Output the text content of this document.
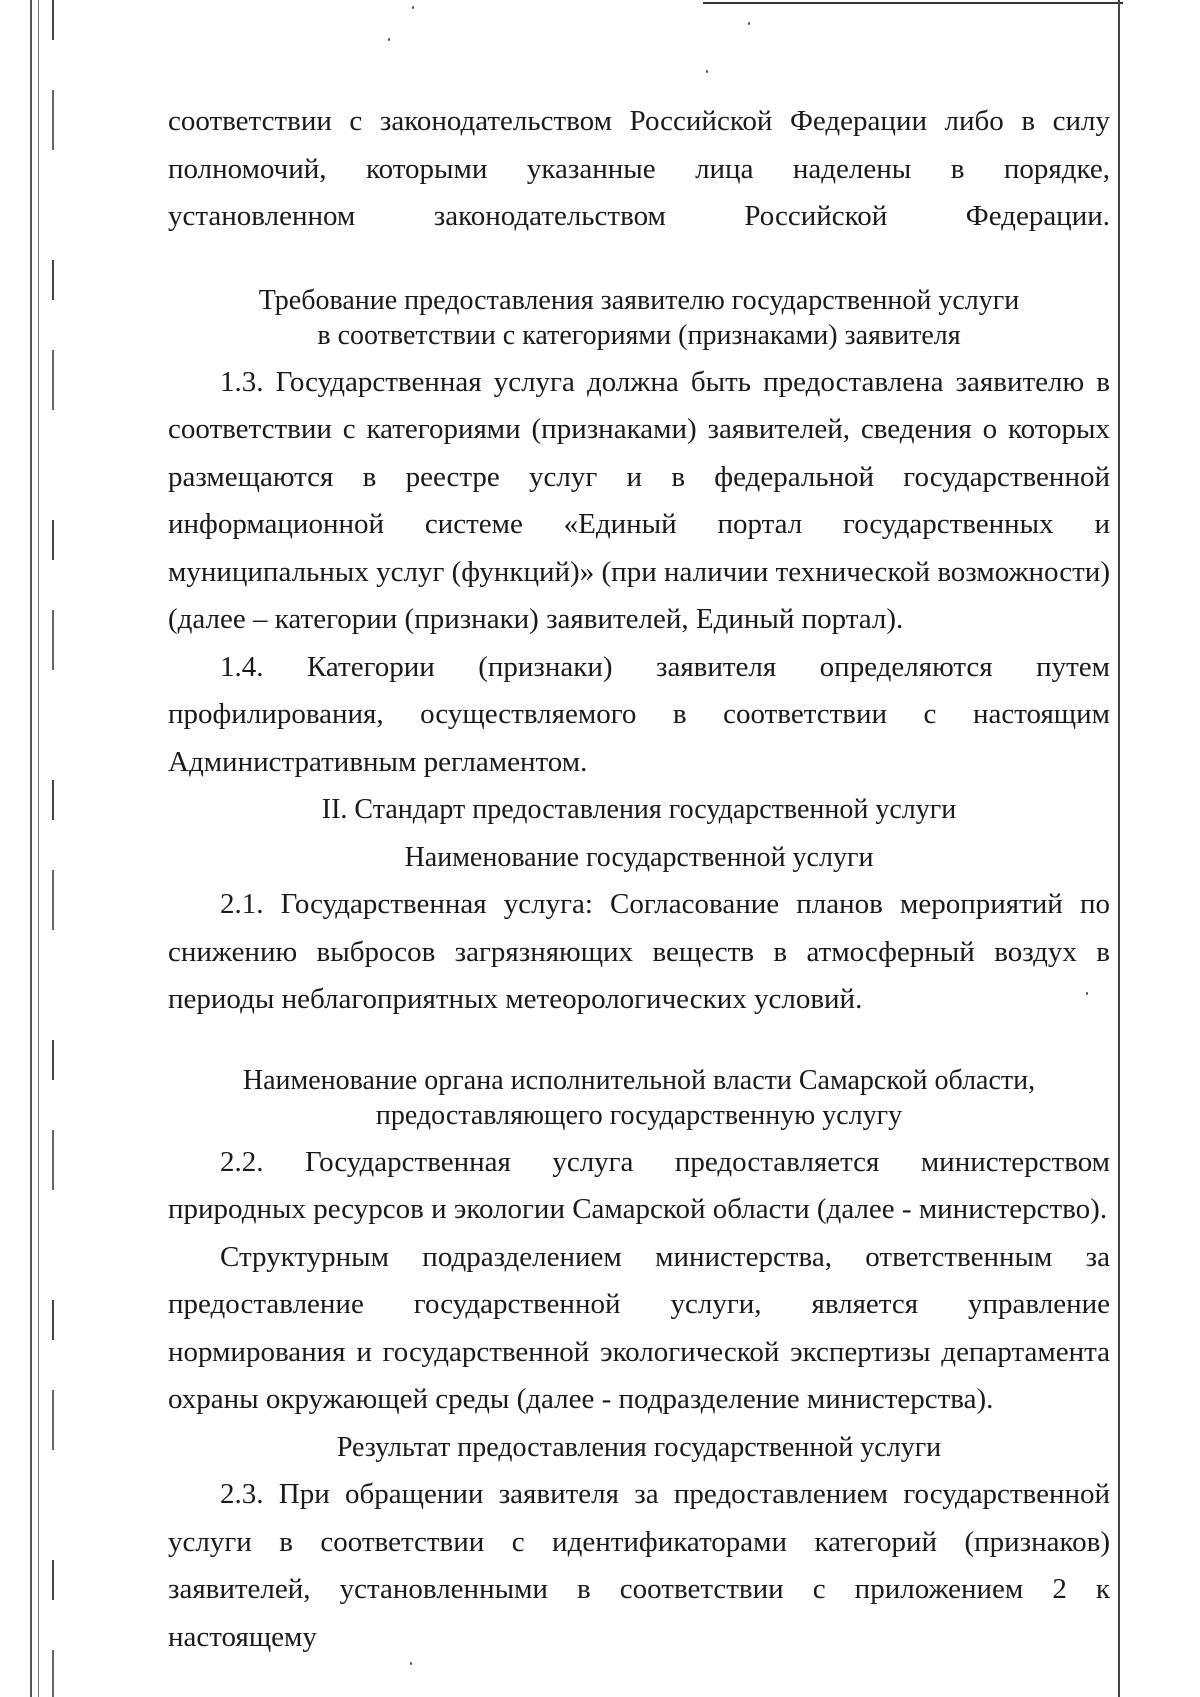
соответствии с законодательством Российской Федерации либо в силу полномочий, которыми указанные лица наделены в порядке, установленном законодательством Российской Федерации.

Требование предоставления заявителю государственной услуги
в соответствии с категориями (признаками) заявителя

1.3. Государственная услуга должна быть предоставлена заявителю в соответствии с категориями (признаками) заявителей, сведения о которых размещаются в реестре услуг и в федеральной государственной информационной системе «Единый портал государственных и муниципальных услуг (функций)» (при наличии технической возможности) (далее – категории (признаки) заявителей, Единый портал).

1.4. Категории (признаки) заявителя определяются путем профилирования, осуществляемого в соответствии с настоящим Административным регламентом.

II. Стандарт предоставления государственной услуги

Наименование государственной услуги

2.1. Государственная услуга: Согласование планов мероприятий по снижению выбросов загрязняющих веществ в атмосферный воздух в периоды неблагоприятных метеорологических условий.

Наименование органа исполнительной власти Самарской области,
предоставляющего государственную услугу

2.2. Государственная услуга предоставляется министерством природных ресурсов и экологии Самарской области (далее - министерство).

Структурным подразделением министерства, ответственным за предоставление государственной услуги, является управление нормирования и государственной экологической экспертизы департамента охраны окружающей среды (далее - подразделение министерства).

Результат предоставления государственной услуги

2.3. При обращении заявителя за предоставлением государственной услуги в соответствии с идентификаторами категорий (признаков) заявителей, установленными в соответствии с приложением 2 к настоящему
